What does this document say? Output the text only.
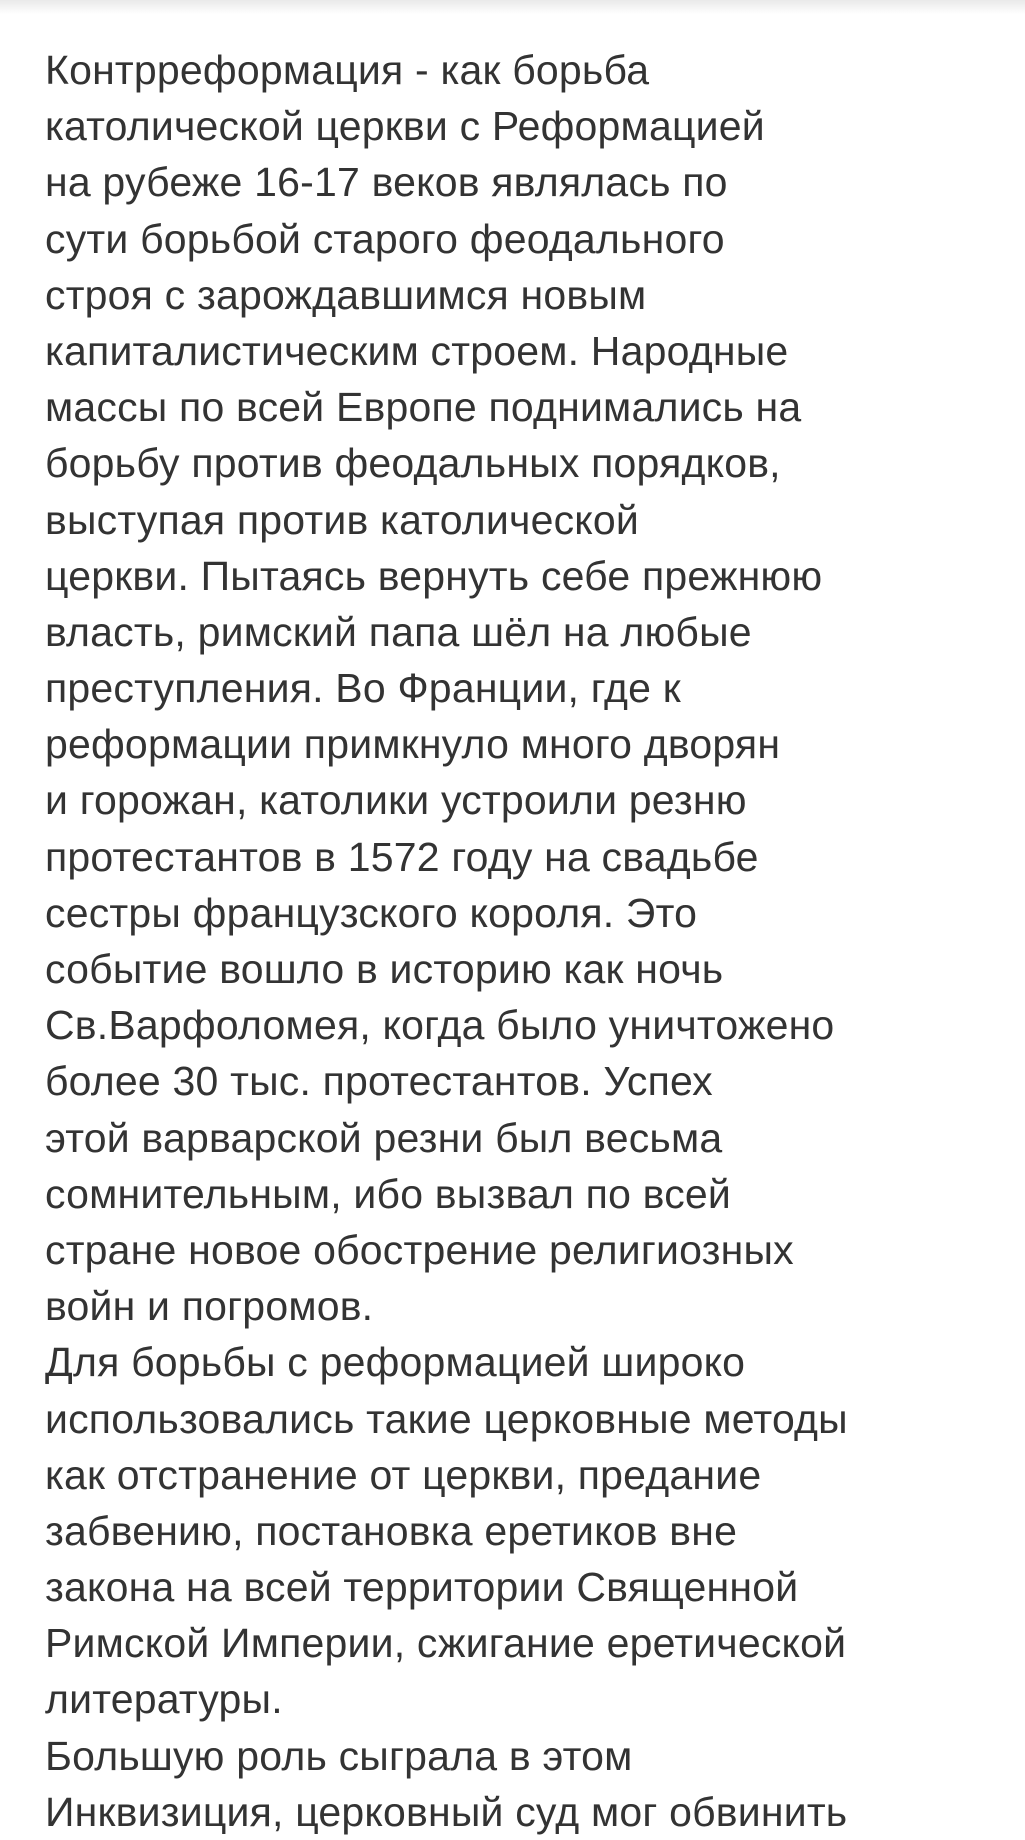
Контрреформация - как борьба
католической церкви с Реформацией
на рубеже 16-17 веков являлась по
сути борьбой старого феодального
строя с зарождавшимся новым
капиталистическим строем. Народные
массы по всей Европе поднимались на
борьбу против феодальных порядков,
выступая против католической
церкви. Пытаясь вернуть себе прежнюю
власть, римский папа шёл на любые
преступления. Во Франции, где к
реформации примкнуло много дворян
и горожан, католики устроили резню
протестантов в 1572 году на свадьбе
сестры французского короля. Это
событие вошло в историю как ночь
Св.Варфоломея, когда было уничтожено
более 30 тыс. протестантов. Успех
этой варварской резни был весьма
сомнительным, ибо вызвал по всей
стране новое обострение религиозных
войн и погромов.
Для борьбы с реформацией широко
использовались такие церковные методы
как отстранение от церкви, предание
забвению, постановка еретиков вне
закона на всей территории Священной
Римской Империи, сжигание еретической
литературы.
Большую роль сыграла в этом
Инквизиция, церковный суд мог обвинить
